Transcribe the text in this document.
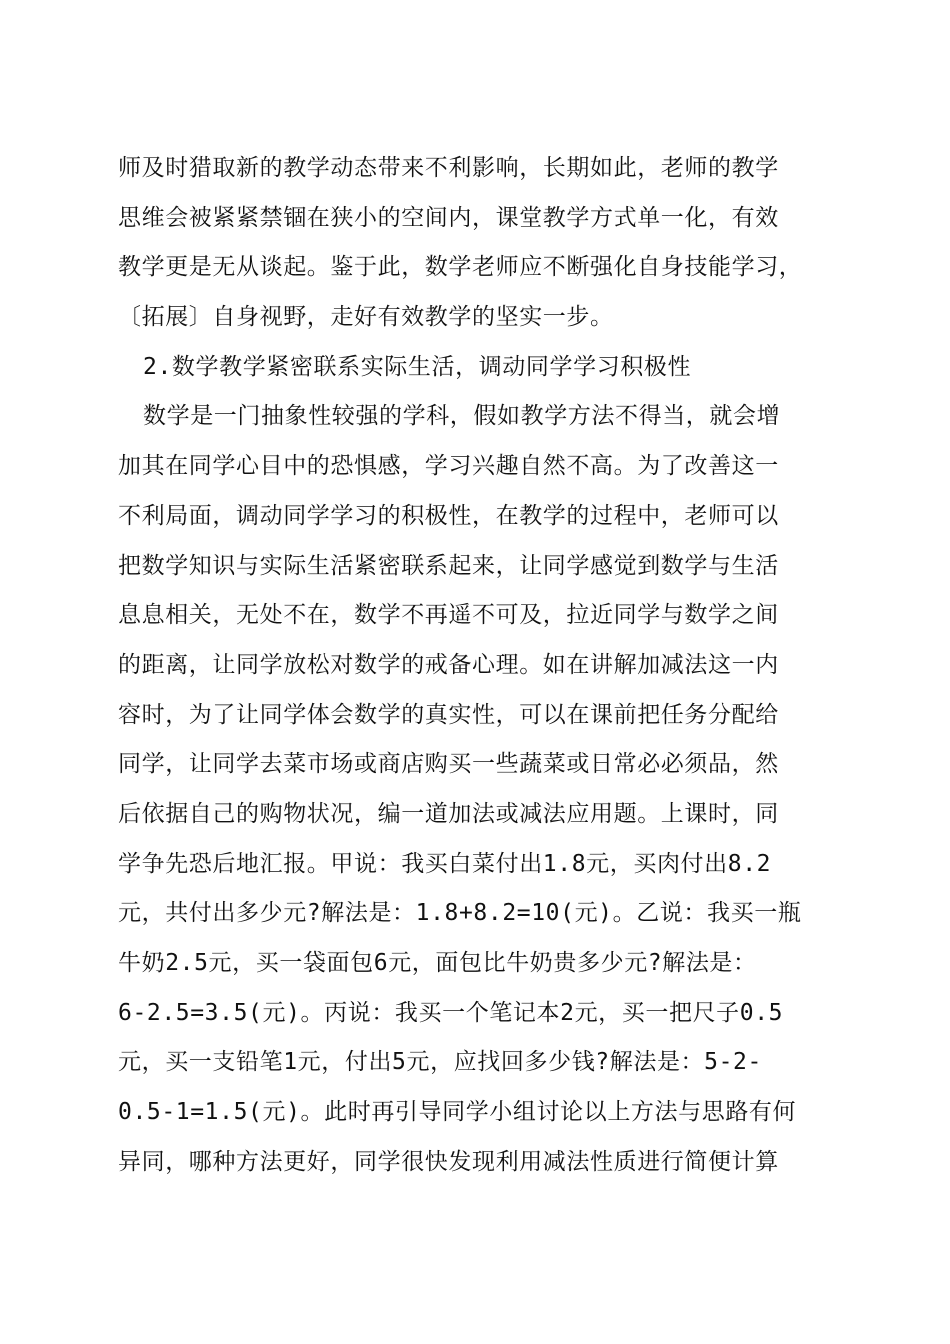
师及时猎取新的教学动态带来不利影响，长期如此，老师的教学
思维会被紧紧禁锢在狭小的空间内，课堂教学方式单一化，有效
教学更是无从谈起。鉴于此，数学老师应不断强化自身技能学习，
〔拓展〕自身视野，走好有效教学的坚实一步。
2.数学教学紧密联系实际生活，调动同学学习积极性
数学是一门抽象性较强的学科，假如教学方法不得当，就会增
加其在同学心目中的恐惧感，学习兴趣自然不高。为了改善这一
不利局面，调动同学学习的积极性，在教学的过程中，老师可以
把数学知识与实际生活紧密联系起来，让同学感觉到数学与生活
息息相关，无处不在，数学不再遥不可及，拉近同学与数学之间
的距离，让同学放松对数学的戒备心理。如在讲解加减法这一内
容时，为了让同学体会数学的真实性，可以在课前把任务分配给
同学，让同学去菜市场或商店购买一些蔬菜或日常必必须品，然
后依据自己的购物状况，编一道加法或减法应用题。上课时，同
学争先恐后地汇报。甲说：我买白菜付出1.8元，买肉付出8.2
元，共付出多少元?解法是：1.8+8.2=10(元)。乙说：我买一瓶
牛奶2.5元，买一袋面包6元，面包比牛奶贵多少元?解法是：
6-2.5=3.5(元)。丙说：我买一个笔记本2元，买一把尺子0.5
元，买一支铅笔1元，付出5元，应找回多少钱?解法是：5-2-
0.5-1=1.5(元)。此时再引导同学小组讨论以上方法与思路有何
异同，哪种方法更好，同学很快发现利用减法性质进行简便计算
